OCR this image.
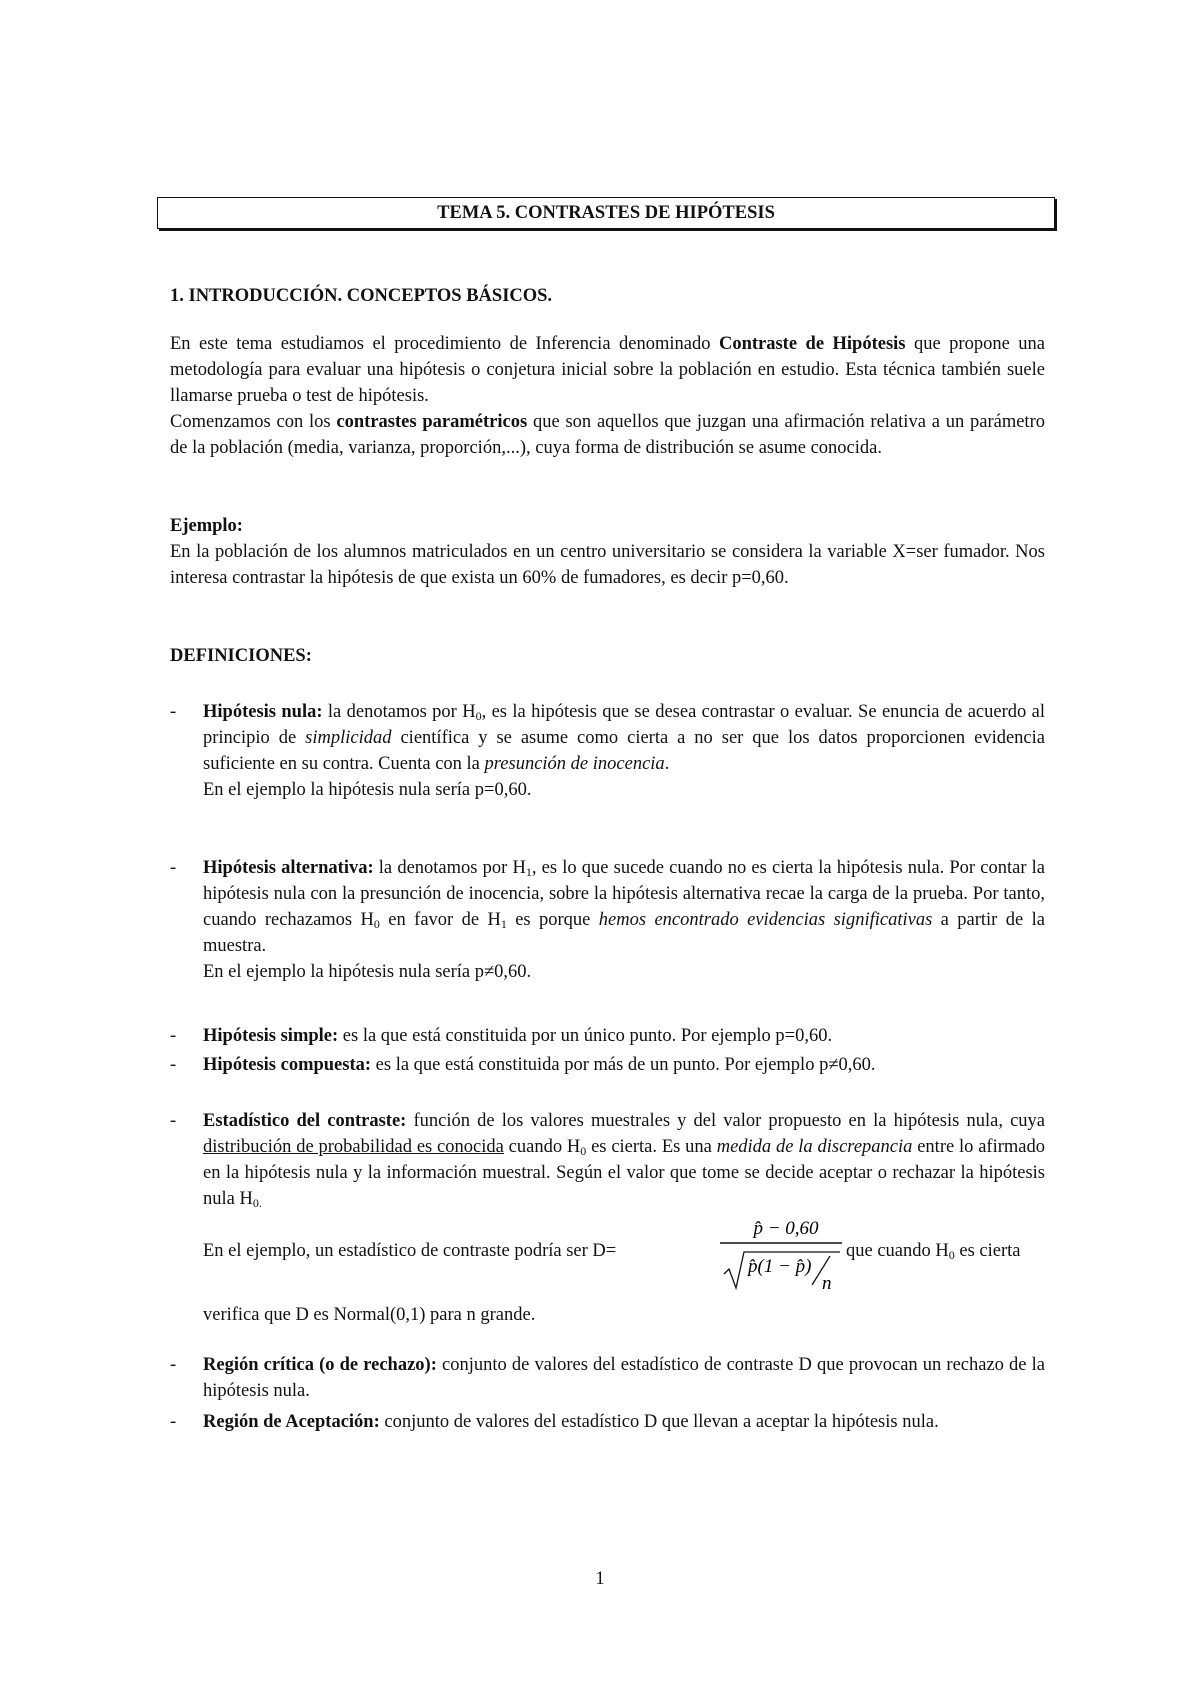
TEMA 5. CONTRASTES DE HIPÓTESIS
1. INTRODUCCIÓN. CONCEPTOS BÁSICOS.

En este tema estudiamos el procedimiento de Inferencia denominado Contraste de Hipótesis que propone una metodología para evaluar una hipótesis o conjetura inicial sobre la población en estudio. Esta técnica también suele llamarse prueba o test de hipótesis.

Comenzamos con los contrastes paramétricos que son aquellos que juzgan una afirmación relativa a un parámetro de la población (media, varianza, proporción,...), cuya forma de distribución se asume conocida.

Ejemplo:

En la población de los alumnos matriculados en un centro universitario se considera la variable X=ser fumador. Nos interesa contrastar la hipótesis de que exista un 60% de fumadores, es decir p=0,60.

DEFINICIONES:
- Hipótesis nula: la denotamos por $H_0$, es la hipótesis que se desea contrastar o evaluar. Se enuncia de acuerdo al principio de simplicidad científica y se asume como cierta a no ser que los datos proporcionen evidencia suficiente en su contra. Cuenta con la presunción de inocencia.

En el ejemplo la hipótesis nula sería p=0,60.

- Hipótesis alternativa: la denotamos por $H_1$, es lo que sucede cuando no es cierta la hipótesis nula. Por contar la hipótesis nula con la presunción de inocencia, sobre la hipótesis alternativa recae la carga de la prueba. Por tanto, cuando rechazamos $H_0$ en favor de $H_1$ es porque hemos encontrado evidencias significativas a partir de la muestra.

En el ejemplo la hipótesis nula sería p≠0,60.

- Hipótesis simple: es la que está constituida por un único punto. Por ejemplo p=0,60.

- Hipótesis compuesta: es la que está constituida por más de un punto. Por ejemplo p≠0,60.

- Estadístico del contraste: función de los valores muestrales y del valor propuesto en la hipótesis nula, cuya distribución de probabilidad es conocida cuando $H_0$ es cierta. Es una medida de la discrepancia entre lo afirmado en la hipótesis nula y la información muestral. Según el valor que tome se decide aceptar o rechazar la hipótesis nula $H_{0.}$

En el ejemplo, un estadístico de contraste podría ser D=
p̂ − 0,60
p̂(1 − p̂)
n
que cuando $H_0$ es cierta

verifica que D es Normal(0,1) para n grande.

- Región crítica (o de rechazo): conjunto de valores del estadístico de contraste D que provocan un rechazo de la hipótesis nula.

- Región de Aceptación: conjunto de valores del estadístico D que llevan a aceptar la hipótesis nula.

1
